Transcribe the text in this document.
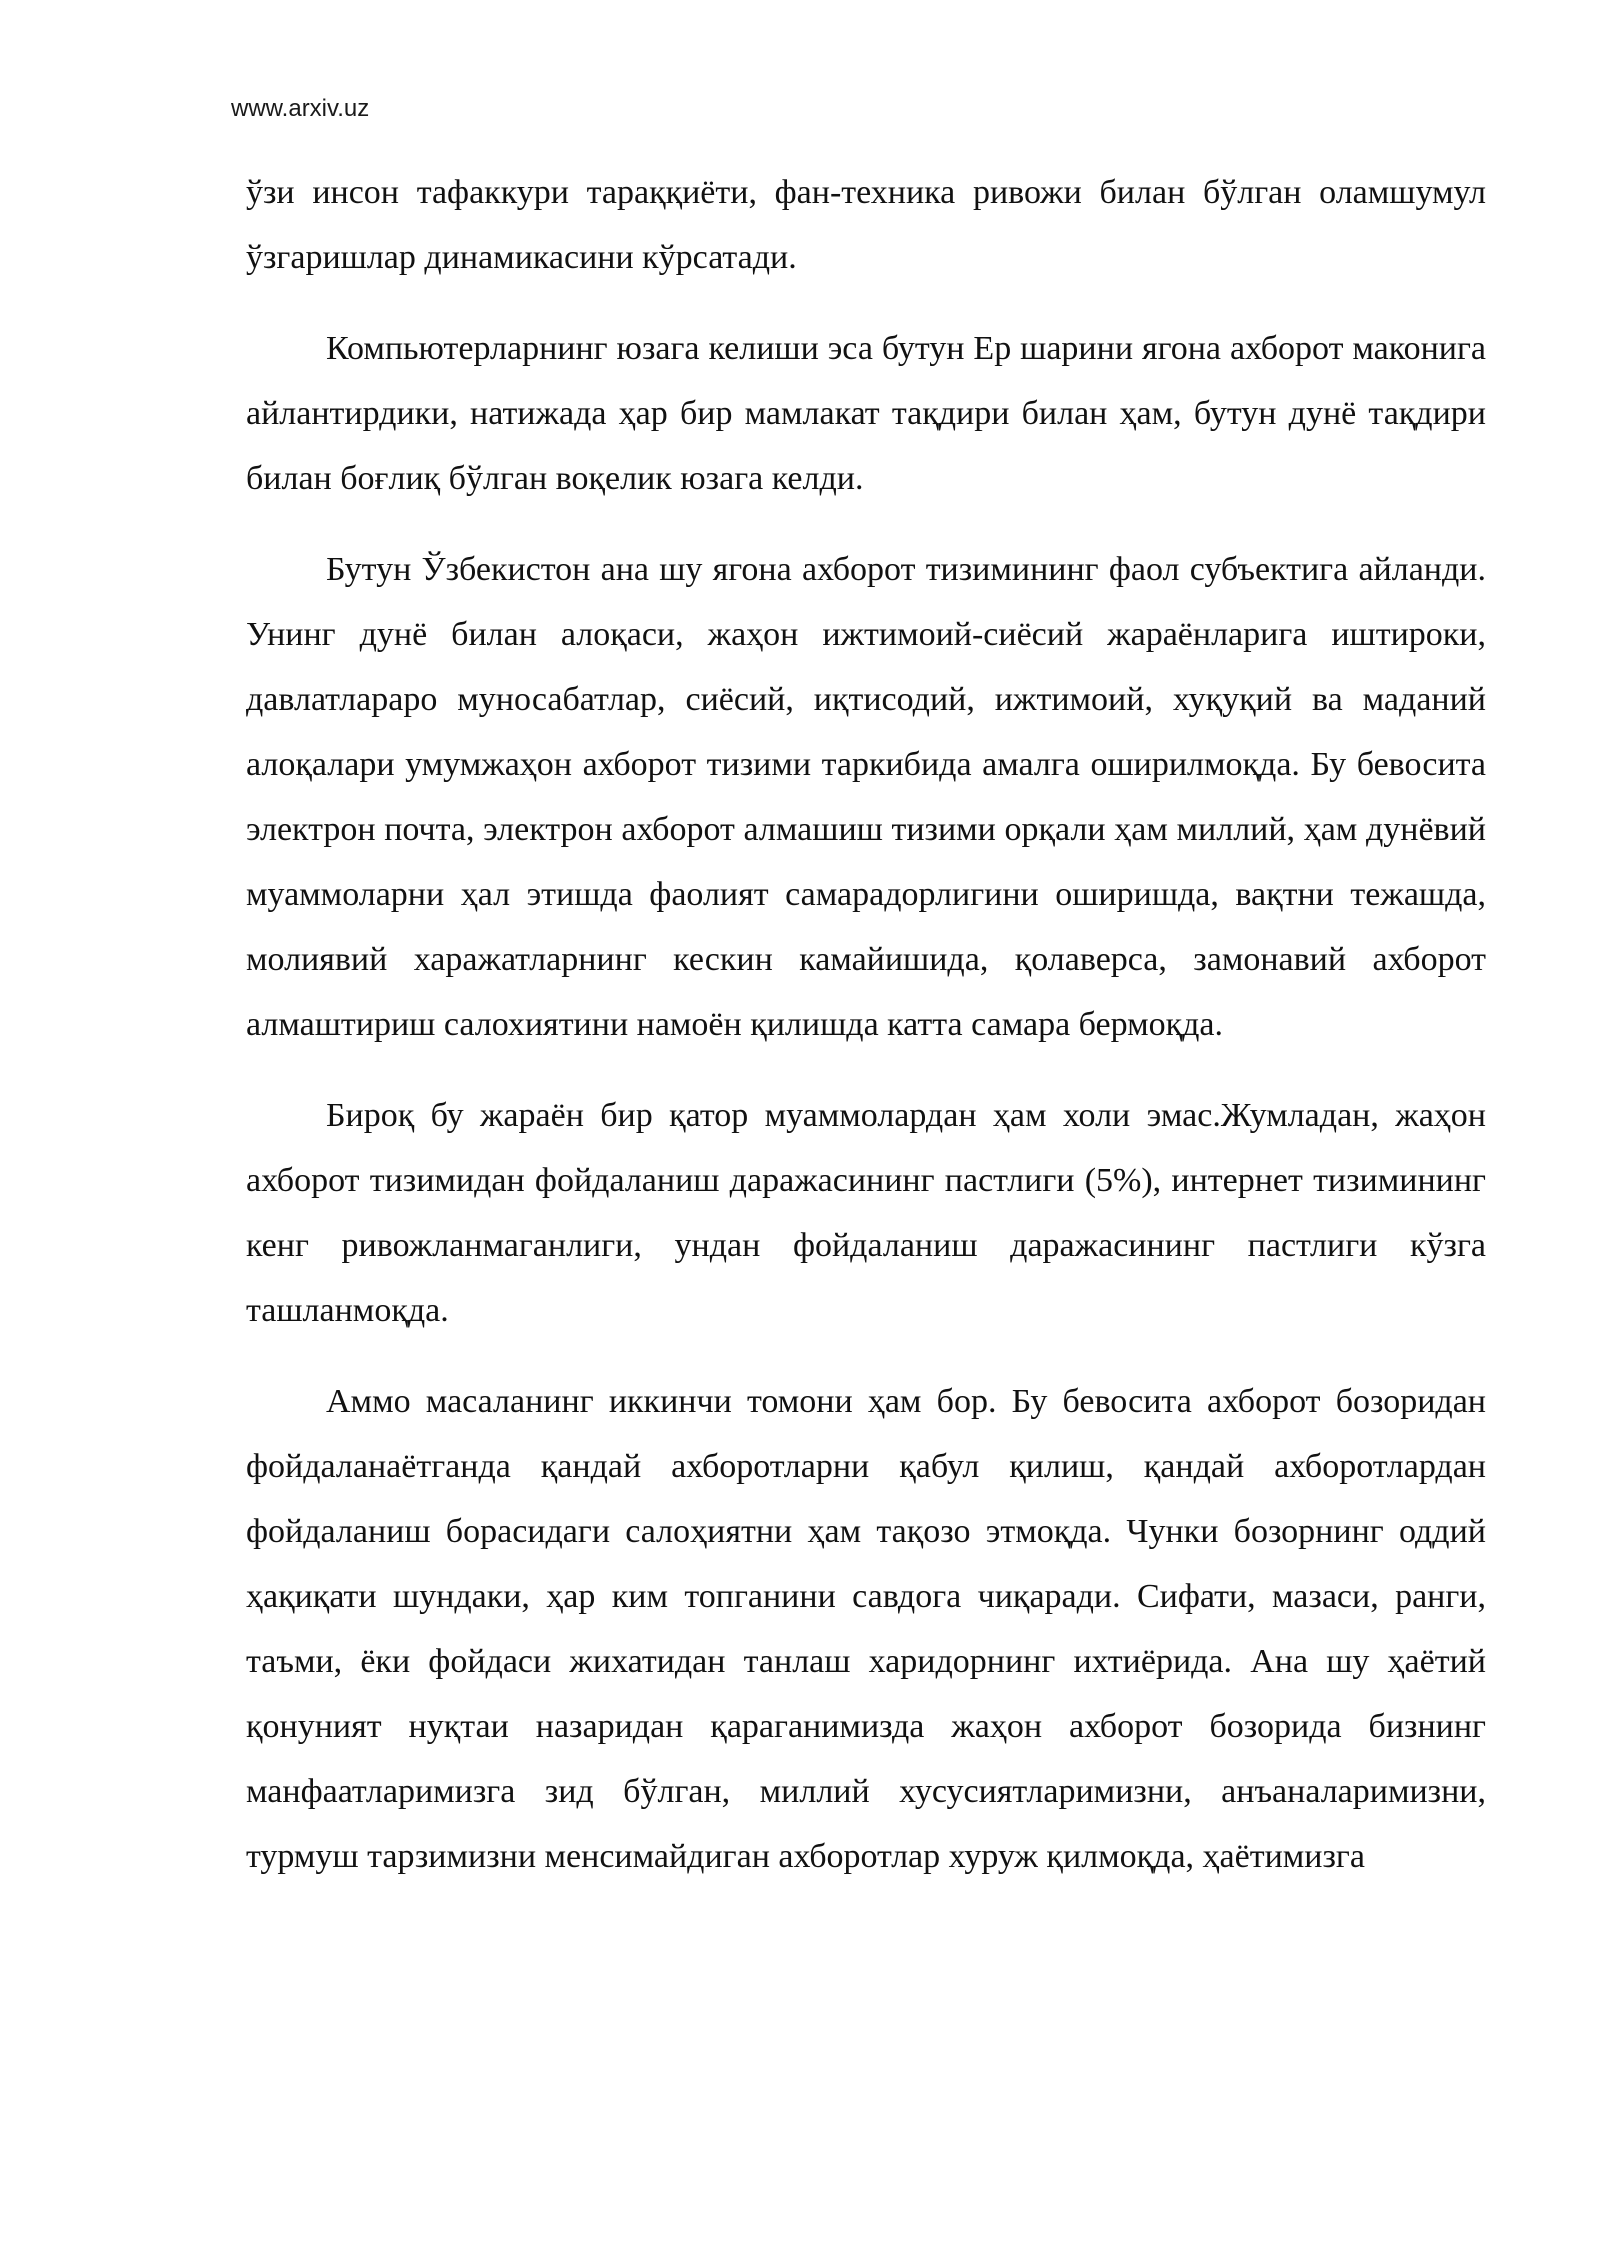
www.arxiv.uz

ўзи инсон тафаккури тараққиёти, фан-техника ривожи билан бўлган оламшумул ўзгаришлар динамикасини кўрсатади.

Компьютерларнинг юзага келиши эса бутун Ер шарини ягона ахборот маконига айлантирдики, натижада ҳар бир мамлакат тақдири билан ҳам, бутун дунё тақдири билан боғлиқ бўлган воқелик юзага келди.

Бутун Ўзбекистон ана шу ягона ахборот тизимининг фаол субъектига айланди. Унинг дунё билан алоқаси, жаҳон ижтимоий-сиёсий жараёнларига иштироки, давлатлараро муносабатлар, сиёсий, иқтисодий, ижтимоий, хуқуқий ва маданий алоқалари умумжаҳон ахборот тизими таркибида амалга оширилмоқда. Бу бевосита электрон почта, электрон ахборот алмашиш тизими орқали ҳам миллий, ҳам дунёвий муаммоларни ҳал этишда фаолият самарадорлигини оширишда, вақтни тежашда, молиявий харажатларнинг кескин камайишида, қолаверса, замонавий ахборот алмаштириш салохиятини намоён қилишда катта самара бермоқда.

Бироқ бу жараён бир қатор муаммолардан ҳам холи эмас.Жумладан, жаҳон ахборот тизимидан фойдаланиш даражасининг пастлиги (5%), интернет тизимининг кенг ривожланмаганлиги, ундан фойдаланиш даражасининг пастлиги кўзга ташланмоқда.

Аммо масаланинг иккинчи томони ҳам бор. Бу бевосита ахборот бозоридан фойдаланаётганда қандай ахборотларни қабул қилиш, қандай ахборотлардан фойдаланиш борасидаги салоҳиятни ҳам тақозо этмоқда. Чунки бозорнинг оддий ҳақиқати шундаки, ҳар ким топганини савдога чиқаради. Сифати, мазаси, ранги, таъми, ёки фойдаси жихатидан танлаш харидорнинг ихтиёрида. Ана шу ҳаётий қонуният нуқтаи назаридан қараганимизда жаҳон ахборот бозорида бизнинг манфаатларимизга зид бўлган, миллий хусусиятларимизни, анъаналаримизни, турмуш тарзимизни менсимайдиган ахборотлар хуруж қилмоқда, ҳаётимизга
